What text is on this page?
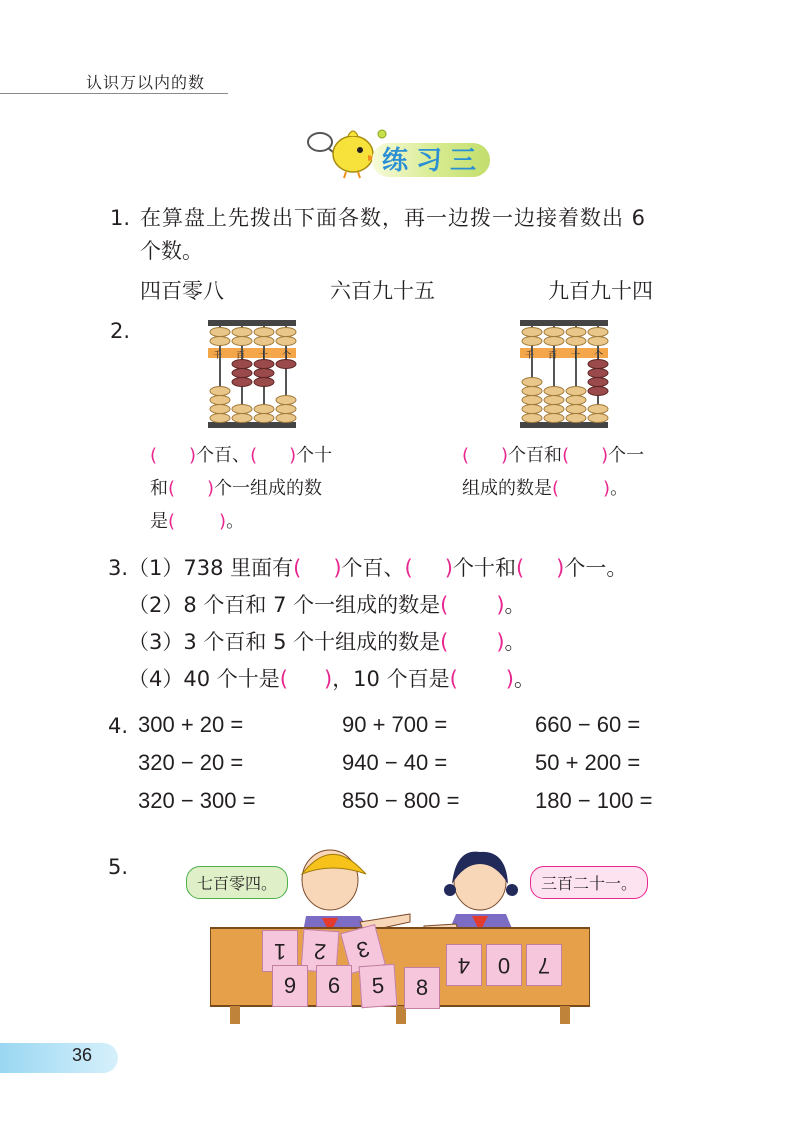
认识万以内的数
练习三
1. 在算盘上先拨出下面各数，再一边拨一边接着数出 6
个数。
四百零八	六百九十五	九百九十四
2.
千 百 十 个	千 百 十 个
( )个百、( )个十
和( )个一组成的数
是( )。
( )个百和( )个一
组成的数是( )。
3. （1）738 里面有( )个百、( )个十和( )个一。
（2）8 个百和 7 个一组成的数是( )。
（3）3 个百和 5 个十组成的数是( )。
（4）40 个十是( )，10 个百是( )。
4. 300 + 20 =	90 + 700 =	660 − 60 =
320 − 20 =	940 − 40 =	50 + 200 =
320 − 300 =	850 − 800 =	180 − 100 =
5.
七百零四。	三百二十一。
1	2	3
4	0	7
9	6	5	8
36
